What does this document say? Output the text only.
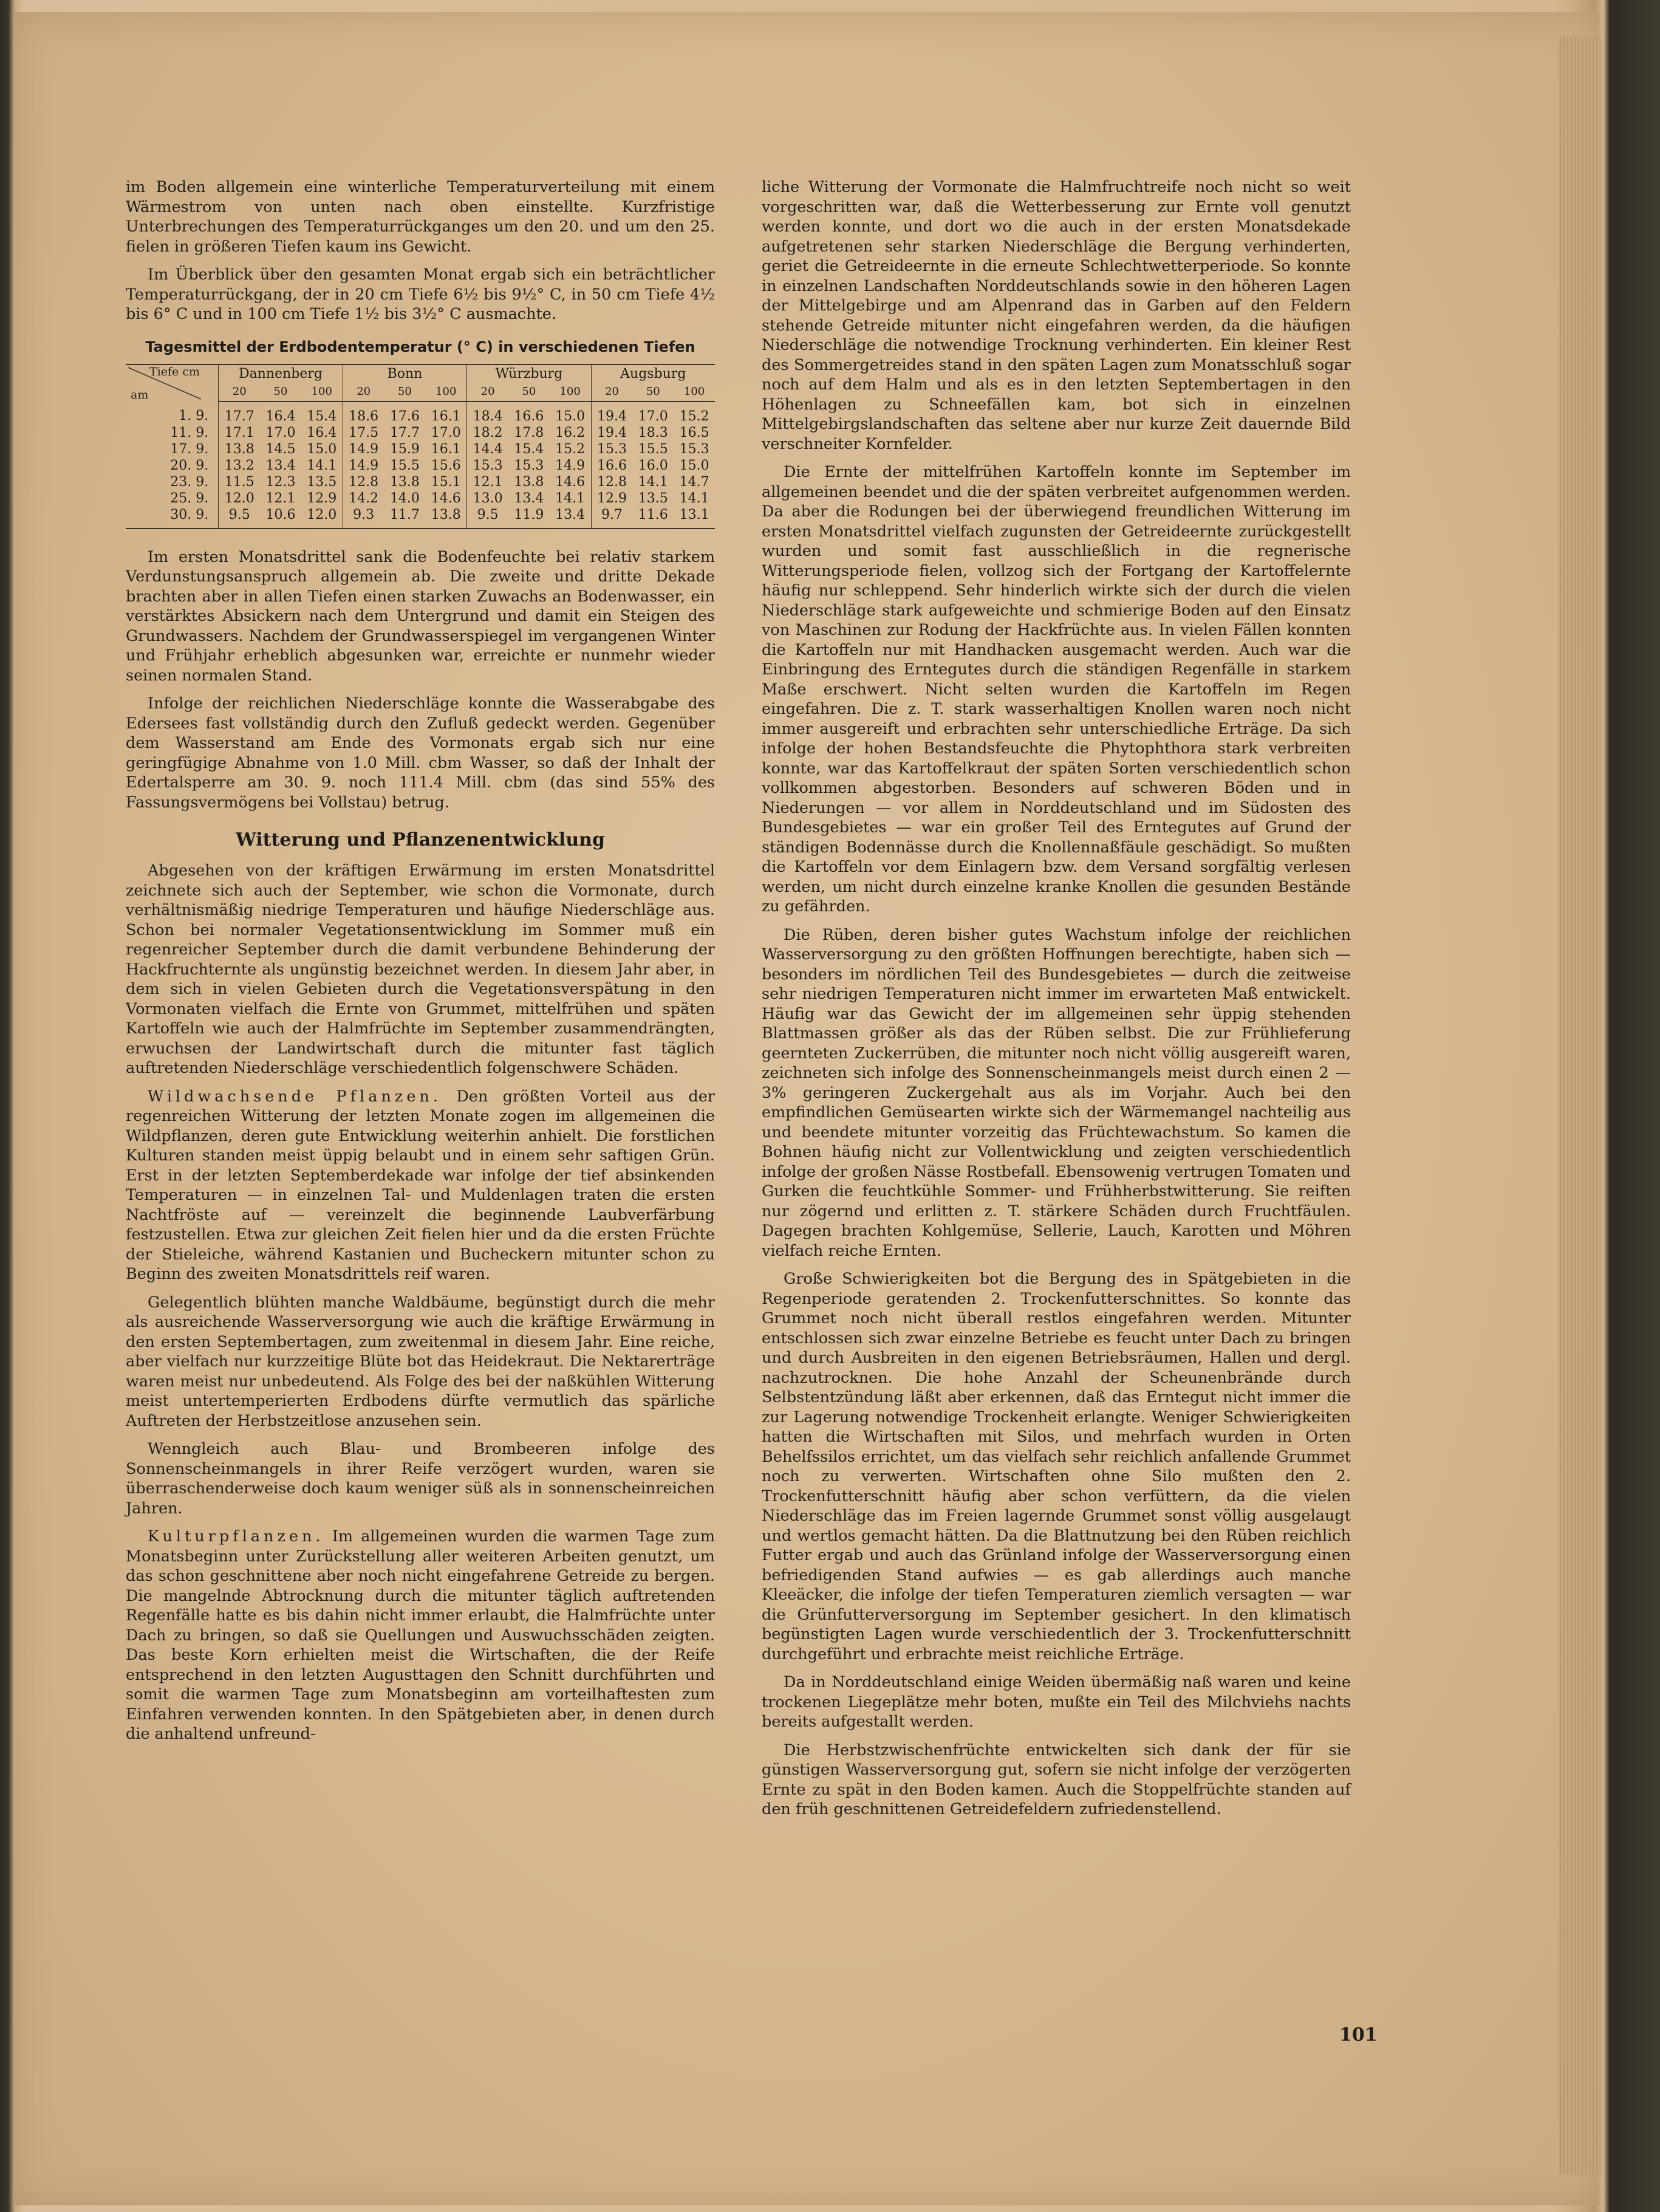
im Boden allgemein eine winterliche Temperaturverteilung mit einem Wärmestrom von unten nach oben einstellte. Kurzfristige Unterbrechungen des Temperaturrückganges um den 20. und um den 25. fielen in größeren Tiefen kaum ins Gewicht.

Im Überblick über den gesamten Monat ergab sich ein beträchtlicher Temperaturrückgang, der in 20 cm Tiefe 6½ bis 9½° C, in 50 cm Tiefe 4½ bis 6° C und in 100 cm Tiefe 1½ bis 3½° C ausmachte.

Tagesmittel der Erdbodentemperatur (° C) in verschiedenen Tiefen
Tiefe cm
am	Dannenberg			Bonn			Würzburg			Augsburg		
	20	50	100	20	50	100	20	50	100	20	50	100
1. 9.	17.7	16.4	15.4	18.6	17.6	16.1	18.4	16.6	15.0	19.4	17.0	15.2
11. 9.	17.1	17.0	16.4	17.5	17.7	17.0	18.2	17.8	16.2	19.4	18.3	16.5
17. 9.	13.8	14.5	15.0	14.9	15.9	16.1	14.4	15.4	15.2	15.3	15.5	15.3
20. 9.	13.2	13.4	14.1	14.9	15.5	15.6	15.3	15.3	14.9	16.6	16.0	15.0
23. 9.	11.5	12.3	13.5	12.8	13.8	15.1	12.1	13.8	14.6	12.8	14.1	14.7
25. 9.	12.0	12.1	12.9	14.2	14.0	14.6	13.0	13.4	14.1	12.9	13.5	14.1
30. 9.	9.5	10.6	12.0	9.3	11.7	13.8	9.5	11.9	13.4	9.7	11.6	13.1

Im ersten Monatsdrittel sank die Bodenfeuchte bei relativ starkem Verdunstungsanspruch allgemein ab. Die zweite und dritte Dekade brachten aber in allen Tiefen einen starken Zuwachs an Bodenwasser, ein verstärktes Absickern nach dem Untergrund und damit ein Steigen des Grundwassers. Nachdem der Grundwasserspiegel im vergangenen Winter und Frühjahr erheblich abgesunken war, erreichte er nunmehr wieder seinen normalen Stand.

Infolge der reichlichen Niederschläge konnte die Wasserabgabe des Edersees fast vollständig durch den Zufluß gedeckt werden. Gegenüber dem Wasserstand am Ende des Vormonats ergab sich nur eine geringfügige Abnahme von 1.0 Mill. cbm Wasser, so daß der Inhalt der Edertalsperre am 30. 9. noch 111.4 Mill. cbm (das sind 55% des Fassungsvermögens bei Vollstau) betrug.

Witterung und Pflanzenentwicklung

Abgesehen von der kräftigen Erwärmung im ersten Monatsdrittel zeichnete sich auch der September, wie schon die Vormonate, durch verhältnismäßig niedrige Temperaturen und häufige Niederschläge aus. Schon bei normaler Vegetationsentwicklung im Sommer muß ein regenreicher September durch die damit verbundene Behinderung der Hackfruchternte als ungünstig bezeichnet werden. In diesem Jahr aber, in dem sich in vielen Gebieten durch die Vegetationsverspätung in den Vormonaten vielfach die Ernte von Grummet, mittelfrühen und späten Kartoffeln wie auch der Halmfrüchte im September zusammendrängten, erwuchsen der Landwirtschaft durch die mitunter fast täglich auftretenden Niederschläge verschiedentlich folgenschwere Schäden.

Wildwachsende Pflanzen. Den größten Vorteil aus der regenreichen Witterung der letzten Monate zogen im allgemeinen die Wildpflanzen, deren gute Entwicklung weiterhin anhielt. Die forstlichen Kulturen standen meist üppig belaubt und in einem sehr saftigen Grün. Erst in der letzten Septemberdekade war infolge der tief absinkenden Temperaturen — in einzelnen Tal- und Muldenlagen traten die ersten Nachtfröste auf — vereinzelt die beginnende Laubverfärbung festzustellen. Etwa zur gleichen Zeit fielen hier und da die ersten Früchte der Stieleiche, während Kastanien und Bucheckern mitunter schon zu Beginn des zweiten Monatsdrittels reif waren.

Gelegentlich blühten manche Waldbäume, begünstigt durch die mehr als ausreichende Wasserversorgung wie auch die kräftige Erwärmung in den ersten Septembertagen, zum zweitenmal in diesem Jahr. Eine reiche, aber vielfach nur kurzzeitige Blüte bot das Heidekraut. Die Nektarerträge waren meist nur unbedeutend. Als Folge des bei der naßkühlen Witterung meist untertemperierten Erdbodens dürfte vermutlich das spärliche Auftreten der Herbstzeitlose anzusehen sein.

Wenngleich auch Blau- und Brombeeren infolge des Sonnenscheinmangels in ihrer Reife verzögert wurden, waren sie überraschenderweise doch kaum weniger süß als in sonnenscheinreichen Jahren.

Kulturpflanzen. Im allgemeinen wurden die warmen Tage zum Monatsbeginn unter Zurückstellung aller weiteren Arbeiten genutzt, um das schon geschnittene aber noch nicht eingefahrene Getreide zu bergen. Die mangelnde Abtrocknung durch die mitunter täglich auftretenden Regenfälle hatte es bis dahin nicht immer erlaubt, die Halmfrüchte unter Dach zu bringen, so daß sie Quellungen und Auswuchsschäden zeigten. Das beste Korn erhielten meist die Wirtschaften, die der Reife entsprechend in den letzten Augusttagen den Schnitt durchführten und somit die warmen Tage zum Monatsbeginn am vorteilhaftesten zum Einfahren verwenden konnten. In den Spätgebieten aber, in denen durch die anhaltend unfreund-

liche Witterung der Vormonate die Halmfruchtreife noch nicht so weit vorgeschritten war, daß die Wetterbesserung zur Ernte voll genutzt werden konnte, und dort wo die auch in der ersten Monatsdekade aufgetretenen sehr starken Niederschläge die Bergung verhinderten, geriet die Getreideernte in die erneute Schlechtwetterperiode. So konnte in einzelnen Landschaften Norddeutschlands sowie in den höheren Lagen der Mittelgebirge und am Alpenrand das in Garben auf den Feldern stehende Getreide mitunter nicht eingefahren werden, da die häufigen Niederschläge die notwendige Trocknung verhinderten. Ein kleiner Rest des Sommergetreides stand in den späten Lagen zum Monatsschluß sogar noch auf dem Halm und als es in den letzten Septembertagen in den Höhenlagen zu Schneefällen kam, bot sich in einzelnen Mittelgebirgslandschaften das seltene aber nur kurze Zeit dauernde Bild verschneiter Kornfelder.

Die Ernte der mittelfrühen Kartoffeln konnte im September im allgemeinen beendet und die der späten verbreitet aufgenommen werden. Da aber die Rodungen bei der überwiegend freundlichen Witterung im ersten Monatsdrittel vielfach zugunsten der Getreideernte zurückgestellt wurden und somit fast ausschließlich in die regnerische Witterungsperiode fielen, vollzog sich der Fortgang der Kartoffelernte häufig nur schleppend. Sehr hinderlich wirkte sich der durch die vielen Niederschläge stark aufgeweichte und schmierige Boden auf den Einsatz von Maschinen zur Rodung der Hackfrüchte aus. In vielen Fällen konnten die Kartoffeln nur mit Handhacken ausgemacht werden. Auch war die Einbringung des Erntegutes durch die ständigen Regenfälle in starkem Maße erschwert. Nicht selten wurden die Kartoffeln im Regen eingefahren. Die z. T. stark wasserhaltigen Knollen waren noch nicht immer ausgereift und erbrachten sehr unterschiedliche Erträge. Da sich infolge der hohen Bestandsfeuchte die Phytophthora stark verbreiten konnte, war das Kartoffelkraut der späten Sorten verschiedentlich schon vollkommen abgestorben. Besonders auf schweren Böden und in Niederungen — vor allem in Norddeutschland und im Südosten des Bundesgebietes — war ein großer Teil des Erntegutes auf Grund der ständigen Bodennässe durch die Knollennaßfäule geschädigt. So mußten die Kartoffeln vor dem Einlagern bzw. dem Versand sorgfältig verlesen werden, um nicht durch einzelne kranke Knollen die gesunden Bestände zu gefährden.

Die Rüben, deren bisher gutes Wachstum infolge der reichlichen Wasserversorgung zu den größten Hoffnungen berechtigte, haben sich — besonders im nördlichen Teil des Bundesgebietes — durch die zeitweise sehr niedrigen Temperaturen nicht immer im erwarteten Maß entwickelt. Häufig war das Gewicht der im allgemeinen sehr üppig stehenden Blattmassen größer als das der Rüben selbst. Die zur Frühlieferung geernteten Zuckerrüben, die mitunter noch nicht völlig ausgereift waren, zeichneten sich infolge des Sonnenscheinmangels meist durch einen 2 — 3% geringeren Zuckergehalt aus als im Vorjahr. Auch bei den empfindlichen Gemüsearten wirkte sich der Wärmemangel nachteilig aus und beendete mitunter vorzeitig das Früchtewachstum. So kamen die Bohnen häufig nicht zur Vollentwicklung und zeigten verschiedentlich infolge der großen Nässe Rostbefall. Ebensowenig vertrugen Tomaten und Gurken die feuchtkühle Sommer- und Frühherbstwitterung. Sie reiften nur zögernd und erlitten z. T. stärkere Schäden durch Fruchtfäulen. Dagegen brachten Kohlgemüse, Sellerie, Lauch, Karotten und Möhren vielfach reiche Ernten.

Große Schwierigkeiten bot die Bergung des in Spätgebieten in die Regenperiode geratenden 2. Trockenfutterschnittes. So konnte das Grummet noch nicht überall restlos eingefahren werden. Mitunter entschlossen sich zwar einzelne Betriebe es feucht unter Dach zu bringen und durch Ausbreiten in den eigenen Betriebsräumen, Hallen und dergl. nachzutrocknen. Die hohe Anzahl der Scheunenbrände durch Selbstentzündung läßt aber erkennen, daß das Erntegut nicht immer die zur Lagerung notwendige Trockenheit erlangte. Weniger Schwierigkeiten hatten die Wirtschaften mit Silos, und mehrfach wurden in Orten Behelfssilos errichtet, um das vielfach sehr reichlich anfallende Grummet noch zu verwerten. Wirtschaften ohne Silo mußten den 2. Trockenfutterschnitt häufig aber schon verfüttern, da die vielen Niederschläge das im Freien lagernde Grummet sonst völlig ausgelaugt und wertlos gemacht hätten. Da die Blattnutzung bei den Rüben reichlich Futter ergab und auch das Grünland infolge der Wasserversorgung einen befriedigenden Stand aufwies — es gab allerdings auch manche Kleeäcker, die infolge der tiefen Temperaturen ziemlich versagten — war die Grünfutterversorgung im September gesichert. In den klimatisch begünstigten Lagen wurde verschiedentlich der 3. Trockenfutterschnitt durchgeführt und erbrachte meist reichliche Erträge.

Da in Norddeutschland einige Weiden übermäßig naß waren und keine trockenen Liegeplätze mehr boten, mußte ein Teil des Milchviehs nachts bereits aufgestallt werden.

Die Herbstzwischenfrüchte entwickelten sich dank der für sie günstigen Wasserversorgung gut, sofern sie nicht infolge der verzögerten Ernte zu spät in den Boden kamen. Auch die Stoppelfrüchte standen auf den früh geschnittenen Getreidefeldern zufriedenstellend.

101
